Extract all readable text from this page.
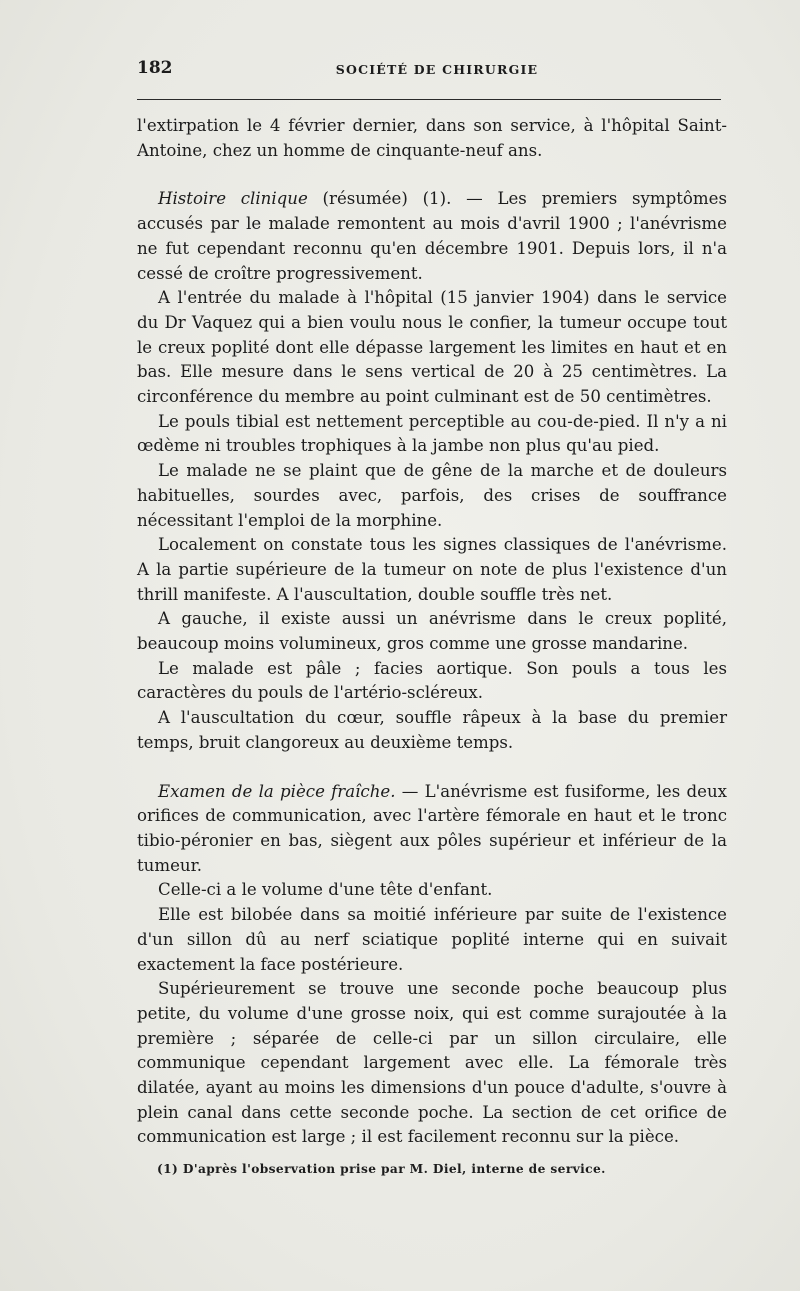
182	SOCIÉTÉ DE CHIRURGIE

l'extirpation le 4 février dernier, dans son service, à l'hôpital Saint-Antoine, chez un homme de cinquante-neuf ans.

Histoire clinique (résumée) (1). — Les premiers symptômes accusés par le malade remontent au mois d'avril 1900 ; l'anévrisme ne fut cependant reconnu qu'en décembre 1901. Depuis lors, il n'a cessé de croître progressivement.

A l'entrée du malade à l'hôpital (15 janvier 1904) dans le service du Dr Vaquez qui a bien voulu nous le confier, la tumeur occupe tout le creux poplité dont elle dépasse largement les limites en haut et en bas. Elle mesure dans le sens vertical de 20 à 25 centimètres. La circonférence du membre au point culminant est de 50 centimètres.

Le pouls tibial est nettement perceptible au cou-de-pied. Il n'y a ni œdème ni troubles trophiques à la jambe non plus qu'au pied.

Le malade ne se plaint que de gêne de la marche et de douleurs habituelles, sourdes avec, parfois, des crises de souffrance nécessitant l'emploi de la morphine.

Localement on constate tous les signes classiques de l'anévrisme. A la partie supérieure de la tumeur on note de plus l'existence d'un thrill manifeste. A l'auscultation, double souffle très net.

A gauche, il existe aussi un anévrisme dans le creux poplité, beaucoup moins volumineux, gros comme une grosse mandarine.

Le malade est pâle ; facies aortique. Son pouls a tous les caractères du pouls de l'artério-scléreux.

A l'auscultation du cœur, souffle râpeux à la base du premier temps, bruit clangoreux au deuxième temps.

Examen de la pièce fraîche. — L'anévrisme est fusiforme, les deux orifices de communication, avec l'artère fémorale en haut et le tronc tibio-péronier en bas, siègent aux pôles supérieur et inférieur de la tumeur.

Celle-ci a le volume d'une tête d'enfant.

Elle est bilobée dans sa moitié inférieure par suite de l'existence d'un sillon dû au nerf sciatique poplité interne qui en suivait exactement la face postérieure.

Supérieurement se trouve une seconde poche beaucoup plus petite, du volume d'une grosse noix, qui est comme surajoutée à la première ; séparée de celle-ci par un sillon circulaire, elle communique cependant largement avec elle. La fémorale très dilatée, ayant au moins les dimensions d'un pouce d'adulte, s'ouvre à plein canal dans cette seconde poche. La section de cet orifice de communication est large ; il est facilement reconnu sur la pièce.

(1) D'après l'observation prise par M. Diel, interne de service.
